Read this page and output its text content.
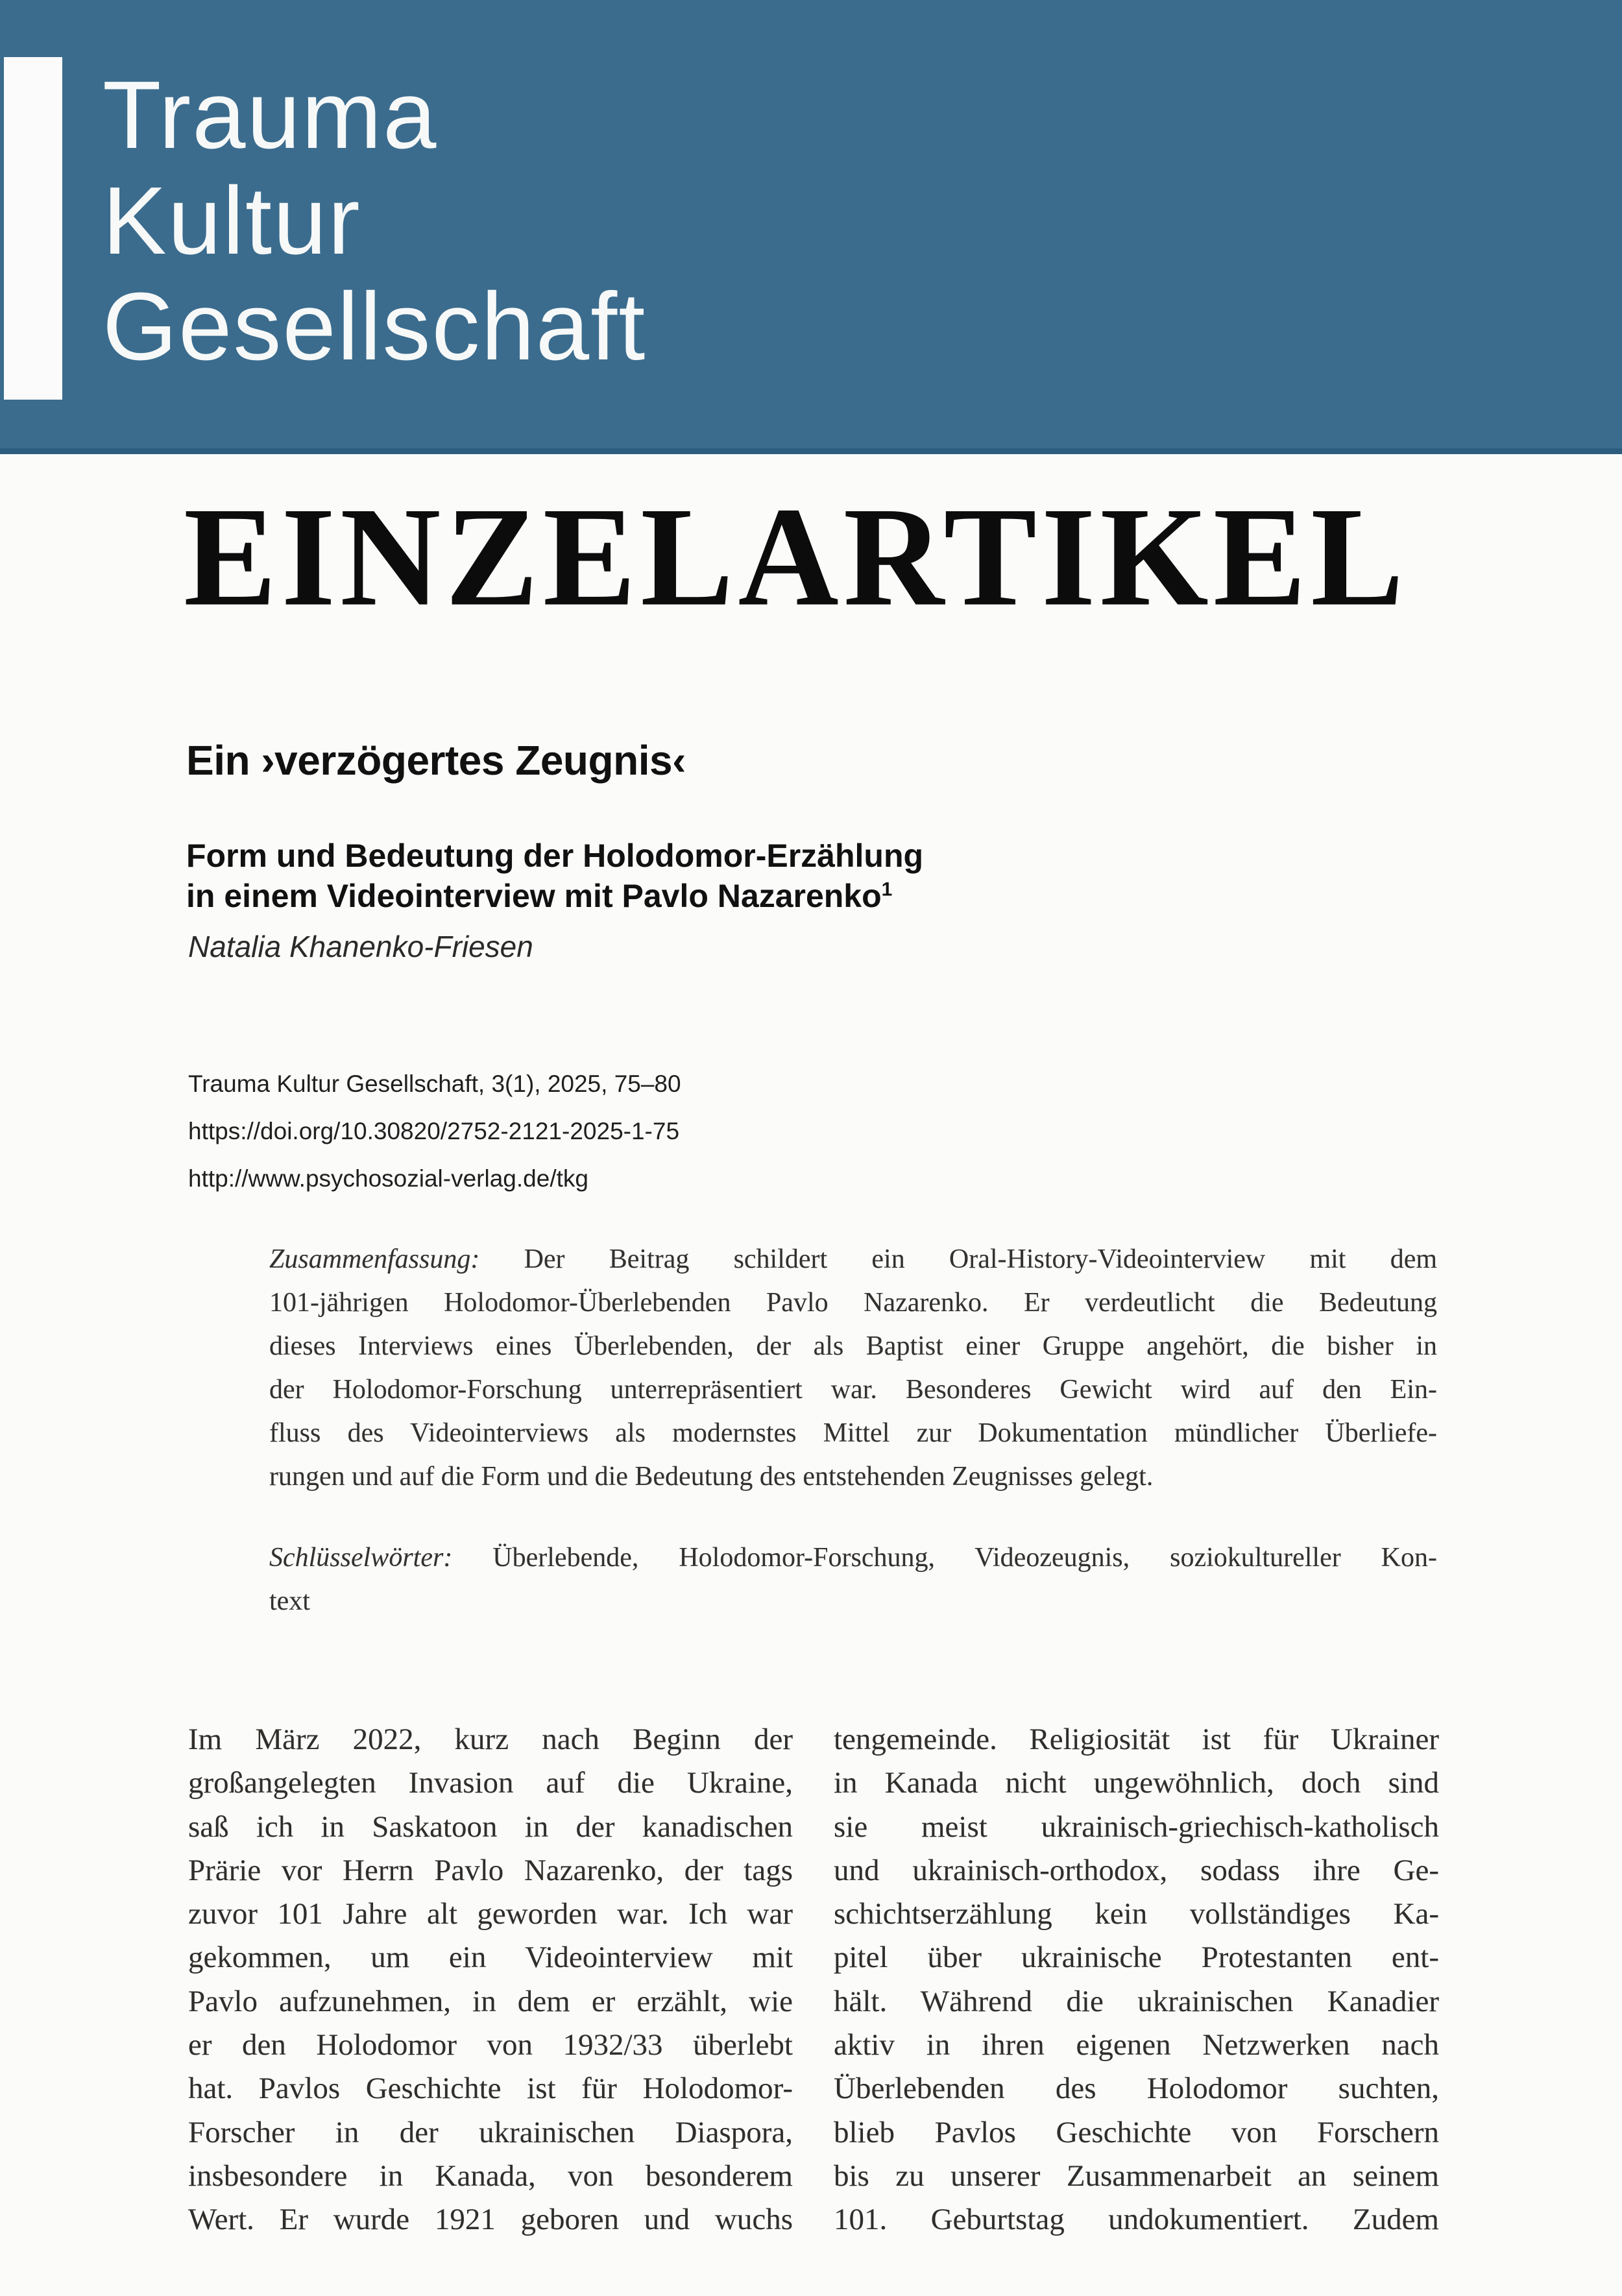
Trauma
Kultur
Gesellschaft
EINZELARTIKEL
Ein ›verzögertes Zeugnis‹
Form und Bedeutung der Holodomor-Erzählung
in einem Videointerview mit Pavlo Nazarenko$^1$
Natalia Khanenko-Friesen
Trauma Kultur Gesellschaft, 3(1), 2025, 75–80
https://doi.org/10.30820/2752-2121-2025-1-75
http://www.psychosozial-verlag.de/tkg
Zusammenfassung: Der Beitrag schildert ein Oral-History-Videointerview mit dem
101-jährigen Holodomor-Überlebenden Pavlo Nazarenko. Er verdeutlicht die Bedeutung
dieses Interviews eines Überlebenden, der als Baptist einer Gruppe angehört, die bisher in
der Holodomor-Forschung unterrepräsentiert war. Besonderes Gewicht wird auf den Ein-
fluss des Videointerviews als modernstes Mittel zur Dokumentation mündlicher Überliefe-
rungen und auf die Form und die Bedeutung des entstehenden Zeugnisses gelegt.
Schlüsselwörter: Überlebende, Holodomor-Forschung, Videozeugnis, soziokultureller Kon-
text
Im März 2022, kurz nach Beginn der
großangelegten Invasion auf die Ukraine,
saß ich in Saskatoon in der kanadischen
Prärie vor Herrn Pavlo Nazarenko, der tags
zuvor 101 Jahre alt geworden war. Ich war
gekommen, um ein Videointerview mit
Pavlo aufzunehmen, in dem er erzählt, wie
er den Holodomor von 1932/33 überlebt
hat. Pavlos Geschichte ist für Holodomor-
Forscher in der ukrainischen Diaspora,
insbesondere in Kanada, von besonderem
Wert. Er wurde 1921 geboren und wuchs
tengemeinde. Religiosität ist für Ukrainer
in Kanada nicht ungewöhnlich, doch sind
sie meist ukrainisch-griechisch-katholisch
und ukrainisch-orthodox, sodass ihre Ge-
schichtserzählung kein vollständiges Ka-
pitel über ukrainische Protestanten ent-
hält. Während die ukrainischen Kanadier
aktiv in ihren eigenen Netzwerken nach
Überlebenden des Holodomor suchten,
blieb Pavlos Geschichte von Forschern
bis zu unserer Zusammenarbeit an seinem
101. Geburtstag undokumentiert. Zudem
